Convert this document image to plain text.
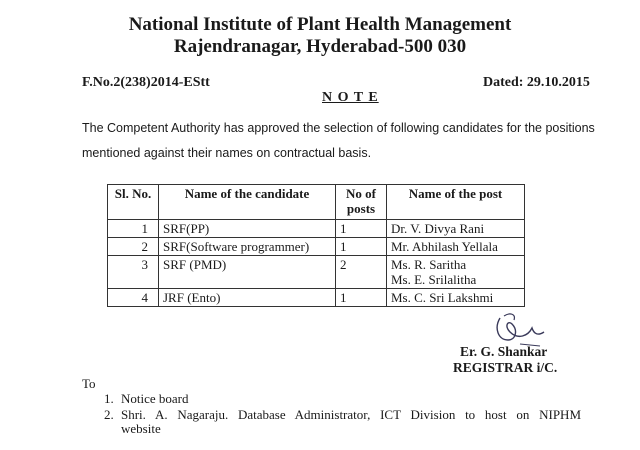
National Institute of Plant Health Management
Rajendranagar, Hyderabad-500 030
F.No.2(238)2014-EStt	Dated: 29.10.2015
N O T E
The Competent Authority has approved the selection of following candidates for the positions
mentioned against their names on contractual basis.
Sl. No.	Name of the candidate	No of posts	Name of the post
1	SRF(PP)	1	Dr. V. Divya Rani
2	SRF(Software programmer)	1	Mr. Abhilash Yellala
3	SRF (PMD)	2	Ms. R. Saritha
Ms. E. Srilalitha

4	JRF (Ento)	1	Ms. C. Sri Lakshmi
Er. G. Shankar
REGISTRAR i/C.
To
1. Notice board
2. Shri. A. Nagaraju. Database Administrator, ICT Division to host on NIPHM
website
